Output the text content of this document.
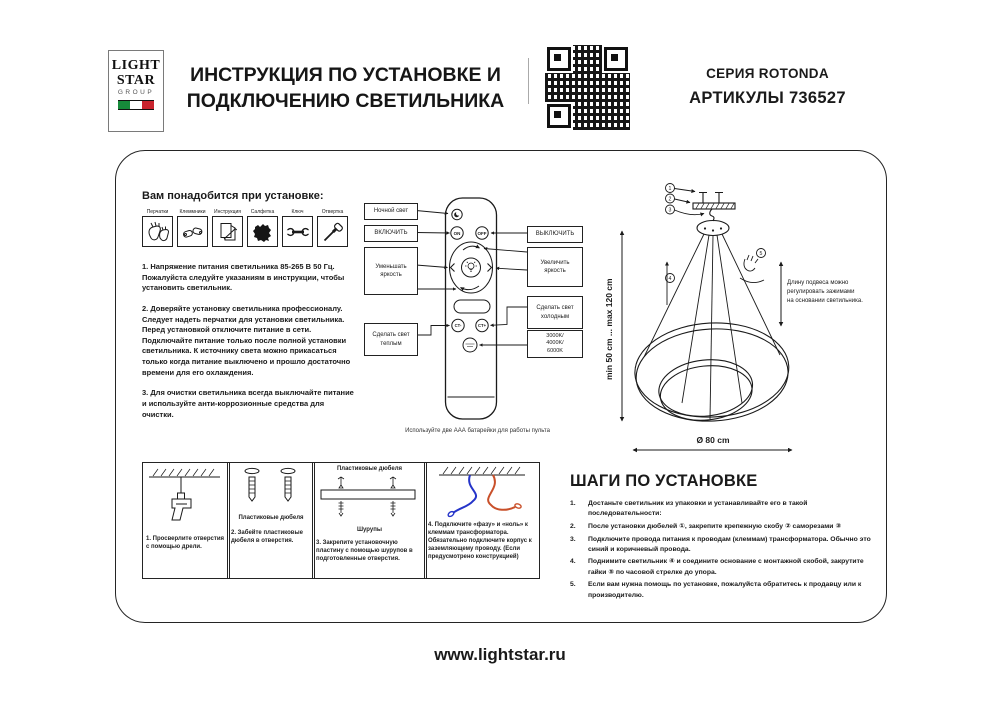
LIGHT
STAR
GROUP
ИНСТРУКЦИЯ ПО УСТАНОВКЕ И
ПОДКЛЮЧЕНИЮ СВЕТИЛЬНИКА
СЕРИЯ ROTONDA
АРТИКУЛЫ 736527
Вам понадобится при установке:
Перчатки	Клеммники	Инструкция	Салфетка	Ключ	Отвертка

1. Напряжение питания светильника 85-265 В 50 Гц. Пожалуйста следуйте указаниям в инструкции, чтобы установить светильник.

2. Доверяйте установку светильника профессионалу. Следует надеть перчатки для установки светильника. Перед установкой отключите питание в сети. Подключайте питание только после полной установки светильника. К источнику света можно прикасаться только когда питание выключено и прошло достаточно времени для его охлаждения.

3. Для очистки светильника всегда выключайте питание и используйте анти-коррозионные средства для очистки.

ON	OFF
CT-	CT+
Ночной свет
ВКЛЮЧИТЬ
Уменьшать яркость
Сделать свет теплым
ВЫКЛЮЧИТЬ
Увеличить яркость
Сделать свет холодным
3000K/ 4000K/ 6000K
Используйте две ААА батарейки для работы пульта
1
2
3
4
5
Длину подвеса можно
регулировать зажимами
на основании светильника.
min 50 cm ... max 120 cm
Ø 80 cm
1. Просверлите отверстия с помощью дрели.
Пластиковые дюбеля
2. Забейте пластиковые дюбеля в отверстия.
Пластиковые дюбеля
Шурупы
3. Закрепите установочную пластину с помощью шурупов в подготовленные отверстия.
4. Подключите «фазу» и «ноль» к клеммам трансформатора. Обязательно подключите корпус к заземляющему проводу. (Если предусмотрено конструкцией)
ШАГИ ПО УСТАНОВКЕ
1.	Достаньте светильник из упаковки и устанавливайте его в такой последовательности:
2.	После установки дюбелей ①, закрепите крепежную скобу ② саморезами ③
3.	Подключите провода питания к проводам (клеммам) трансформатора. Обычно это синий и коричневый провода.
4.	Поднимите светильник ④ и соедините основание с монтажной скобой, закрутите гайки ⑤ по часовой стрелке до упора.
5.	Если вам нужна помощь по установке, пожалуйста обратитесь к продавцу или к производителю.
www.lightstar.ru
